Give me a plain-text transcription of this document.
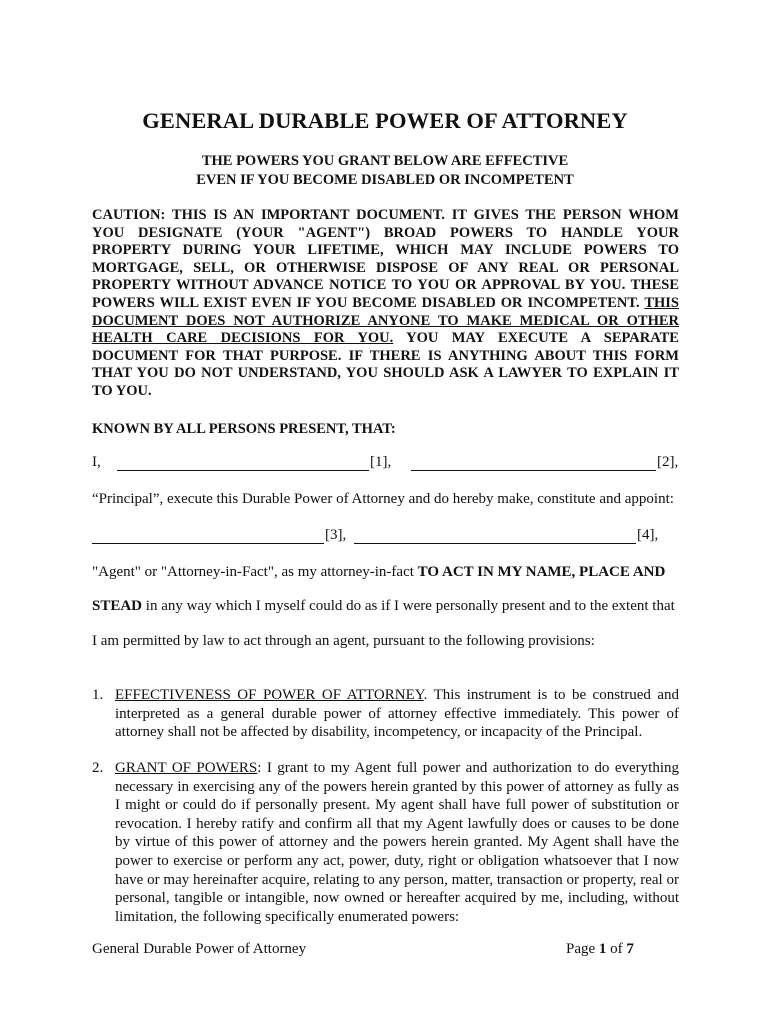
GENERAL DURABLE POWER OF ATTORNEY
THE POWERS YOU GRANT BELOW ARE EFFECTIVE
EVEN IF YOU BECOME DISABLED OR INCOMPETENT
CAUTION: THIS IS AN IMPORTANT DOCUMENT. IT GIVES THE PERSON WHOM YOU DESIGNATE (YOUR "AGENT") BROAD POWERS TO HANDLE YOUR PROPERTY DURING YOUR LIFETIME, WHICH MAY INCLUDE POWERS TO MORTGAGE, SELL, OR OTHERWISE DISPOSE OF ANY REAL OR PERSONAL PROPERTY WITHOUT ADVANCE NOTICE TO YOU OR APPROVAL BY YOU. THESE POWERS WILL EXIST EVEN IF YOU BECOME DISABLED OR INCOMPETENT. THIS DOCUMENT DOES NOT AUTHORIZE ANYONE TO MAKE MEDICAL OR OTHER HEALTH CARE DECISIONS FOR YOU. YOU MAY EXECUTE A SEPARATE DOCUMENT FOR THAT PURPOSE. IF THERE IS ANYTHING ABOUT THIS FORM THAT YOU DO NOT UNDERSTAND, YOU SHOULD ASK A LAWYER TO EXPLAIN IT TO YOU.
KNOWN BY ALL PERSONS PRESENT, THAT:
I,	[1],	[2],
“Principal”, execute this Durable Power of Attorney and do hereby make, constitute and appoint:
[3],	[4],
"Agent" or "Attorney-in-Fact", as my attorney-in-fact TO ACT IN MY NAME, PLACE AND
STEAD in any way which I myself could do as if I were personally present and to the extent that
I am permitted by law to act through an agent, pursuant to the following provisions:
1. EFFECTIVENESS OF POWER OF ATTORNEY. This instrument is to be construed and interpreted as a general durable power of attorney effective immediately. This power of attorney shall not be affected by disability, incompetency, or incapacity of the Principal.
2. GRANT OF POWERS: I grant to my Agent full power and authorization to do everything necessary in exercising any of the powers herein granted by this power of attorney as fully as I might or could do if personally present. My agent shall have full power of substitution or revocation. I hereby ratify and confirm all that my Agent lawfully does or causes to be done by virtue of this power of attorney and the powers herein granted. My Agent shall have the power to exercise or perform any act, power, duty, right or obligation whatsoever that I now have or may hereinafter acquire, relating to any person, matter, transaction or property, real or personal, tangible or intangible, now owned or hereafter acquired by me, including, without limitation, the following specifically enumerated powers:
General Durable Power of Attorney	Page 1 of 7
